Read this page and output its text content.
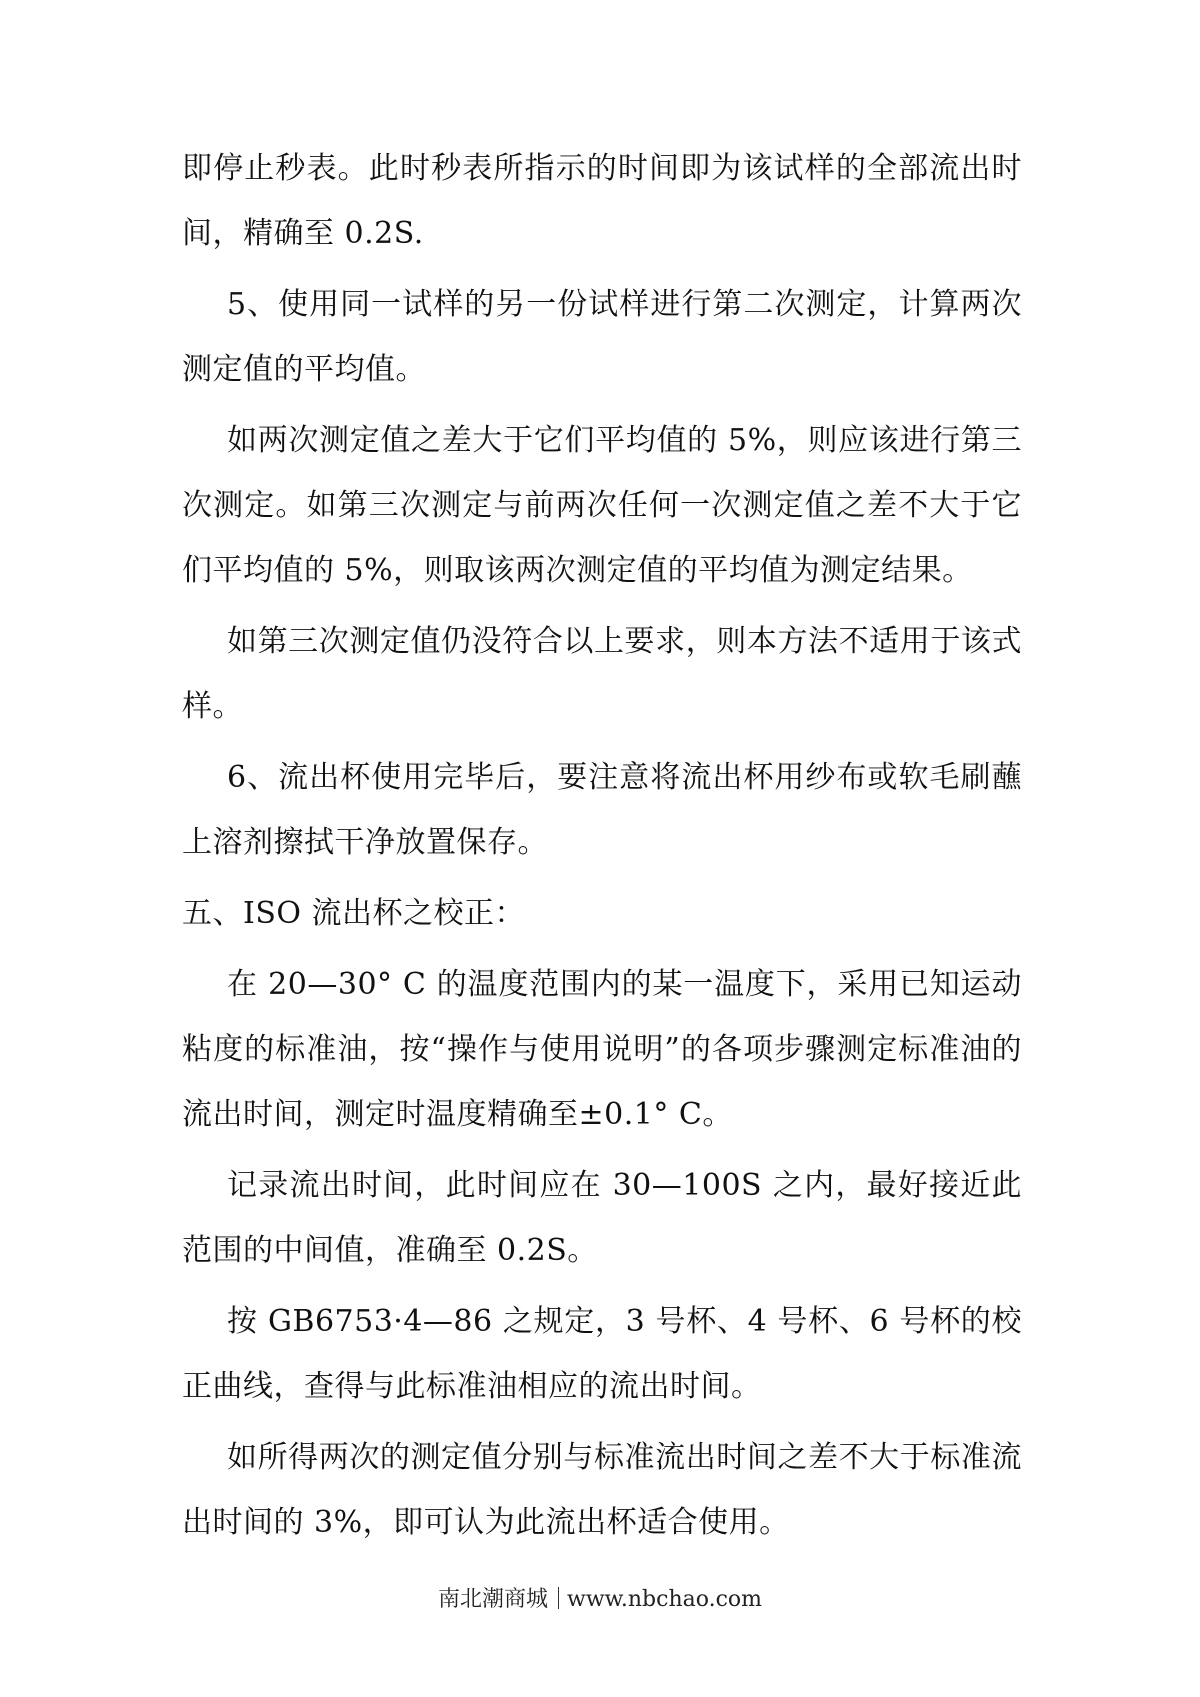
即停止秒表。此时秒表所指示的时间即为该试样的全部流出时间，精确至 0.2S.

5、使用同一试样的另一份试样进行第二次测定，计算两次测定值的平均值。

如两次测定值之差大于它们平均值的 5%，则应该进行第三次测定。如第三次测定与前两次任何一次测定值之差不大于它们平均值的 5%，则取该两次测定值的平均值为测定结果。

如第三次测定值仍没符合以上要求，则本方法不适用于该式样。

6、流出杯使用完毕后，要注意将流出杯用纱布或软毛刷蘸上溶剂擦拭干净放置保存。

五、ISO 流出杯之校正：

在 20—30° C 的温度范围内的某一温度下，采用已知运动粘度的标准油，按“操作与使用说明”的各项步骤测定标准油的流出时间，测定时温度精确至±0.1° C。

记录流出时间，此时间应在 30—100S 之内，最好接近此范围的中间值，准确至 0.2S。

按 GB6753·4—86 之规定，3 号杯、4 号杯、6 号杯的校正曲线，查得与此标准油相应的流出时间。

如所得两次的测定值分别与标准流出时间之差不大于标准流出时间的 3%，即可认为此流出杯适合使用。

南北潮商城 www.nbchao.com
